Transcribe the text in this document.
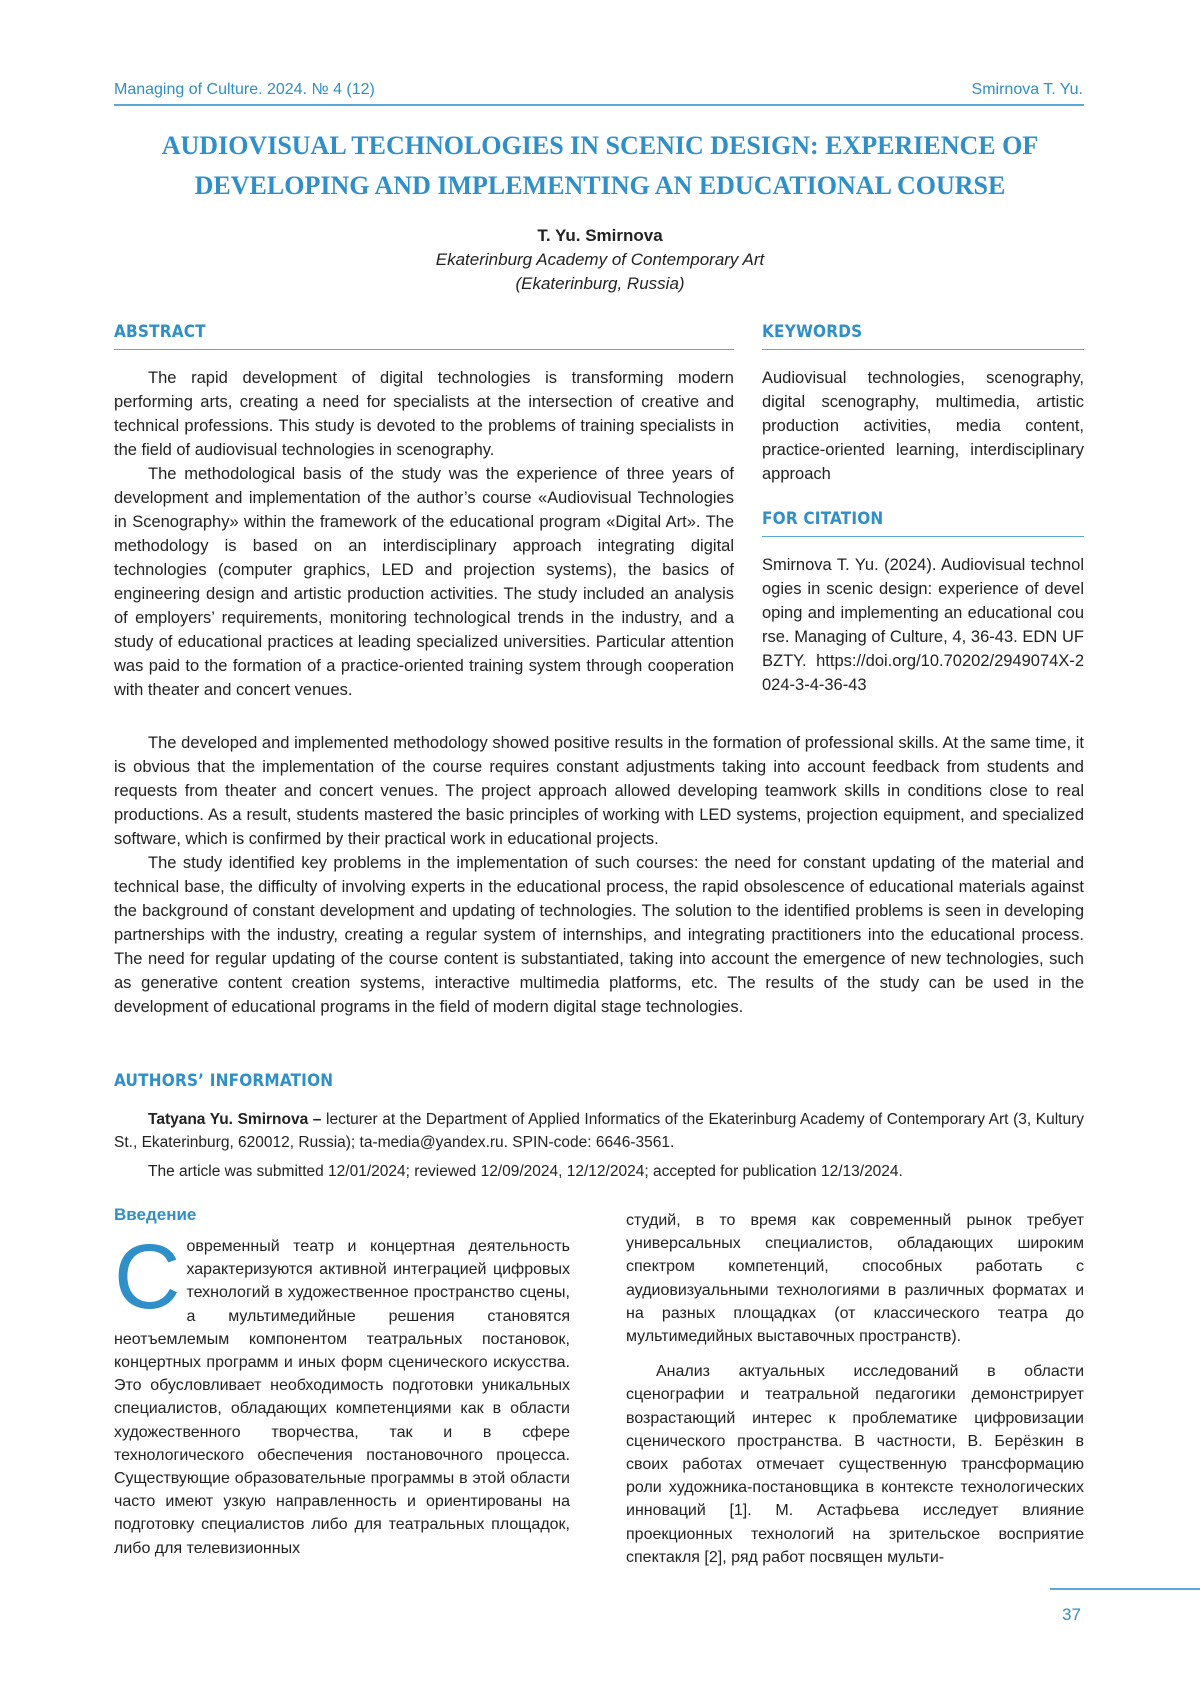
Managing of Culture. 2024. № 4 (12)	Smirnova T. Yu.
AUDIOVISUAL TECHNOLOGIES IN SCENIC DESIGN: EXPERIENCE OF
DEVELOPING AND IMPLEMENTING AN EDUCATIONAL COURSE
T. Yu. Smirnova
Ekaterinburg Academy of Contemporary Art
(Ekaterinburg, Russia)
ABSTRACT	KEYWORDS

The rapid development of digital technologies is transforming modern performing arts, creating a need for specialists at the intersection of creative and technical professions. This study is devoted to the problems of training specialists in the field of audiovisual technologies in scenography.

The methodological basis of the study was the experience of three years of development and implementation of the author’s course «Audiovisual Technologies in Scenography» within the framework of the educational program «Digital Art». The methodology is based on an interdisciplinary approach integrating digital technologies (computer graphics, LED and projection systems), the basics of engineering design and artistic production activities. The study included an analysis of employers’ requirements, monitoring technological trends in the industry, and a study of educational practices at leading specialized universities. Particular attention was paid to the formation of a practice-oriented training system through cooperation with theater and concert venues.

Audiovisual technologies, scenography, digital scenography, multimedia, artistic production activities, media content, practice-oriented learning, interdisciplinary approach
FOR CITATION
Smirnova T. Yu. (2024). Audiovisual technologies in scenic design: experience of developing and implementing an educational course. Managing of Culture, 4, 36-43. EDN UFBZTY. https://doi.org/10.70202/2949074X-2024-3-4-36-43

The developed and implemented methodology showed positive results in the formation of professional skills. At the same time, it is obvious that the implementation of the course requires constant adjustments taking into account feedback from students and requests from theater and concert venues. The project approach allowed developing teamwork skills in conditions close to real productions. As a result, students mastered the basic principles of working with LED systems, projection equipment, and specialized software, which is confirmed by their practical work in educational projects.

The study identified key problems in the implementation of such courses: the need for constant updating of the material and technical base, the difficulty of involving experts in the educational process, the rapid obsolescence of educational materials against the background of constant development and updating of technologies. The solution to the identified problems is seen in developing partnerships with the industry, creating a regular system of internships, and integrating practitioners into the educational process. The need for regular updating of the course content is substantiated, taking into account the emergence of new technologies, such as generative content creation systems, interactive multimedia platforms, etc. The results of the study can be used in the development of educational programs in the field of modern digital stage technologies.

AUTHORS’ INFORMATION
Tatyana Yu. Smirnova – lecturer at the Department of Applied Informatics of the Ekaterinburg Academy of Contemporary Art (3, Kultury St., Ekaterinburg, 620012, Russia); ta-media@yandex.ru. SPIN-code: 6646-3561.
The article was submitted 12/01/2024; reviewed 12/09/2024, 12/12/2024; accepted for publication 12/13/2024.
Введение
Современный театр и концертная деятельность характеризуются активной интеграцией цифровых технологий в художественное пространство сцены, а мультимедийные решения становятся неотъемлемым компонентом театральных постановок, концертных программ и иных форм сценического искусства. Это обусловливает необходимость подготовки уникальных специалистов, обладающих компетенциями как в области художественного творчества, так и в сфере технологического обеспечения постановочного процесса. Существующие образовательные программы в этой области часто имеют узкую направленность и ориентированы на подготовку специалистов либо для театральных площадок, либо для телевизионных
студий, в то время как современный рынок требует универсальных специалистов, обладающих широким спектром компетенций, способных работать с аудиовизуальными технологиями в различных форматах и на разных площадках (от классического театра до мультимедийных выставочных пространств).

Анализ актуальных исследований в области сценографии и театральной педагогики демонстрирует возрастающий интерес к проблематике цифровизации сценического пространства. В частности, В. Берёзкин в своих работах отмечает существенную трансформацию роли художника-постановщика в контексте технологических инноваций [1]. М. Астафьева исследует влияние проекционных технологий на зрительское восприятие спектакля [2], ряд работ посвящен мульти-

37
